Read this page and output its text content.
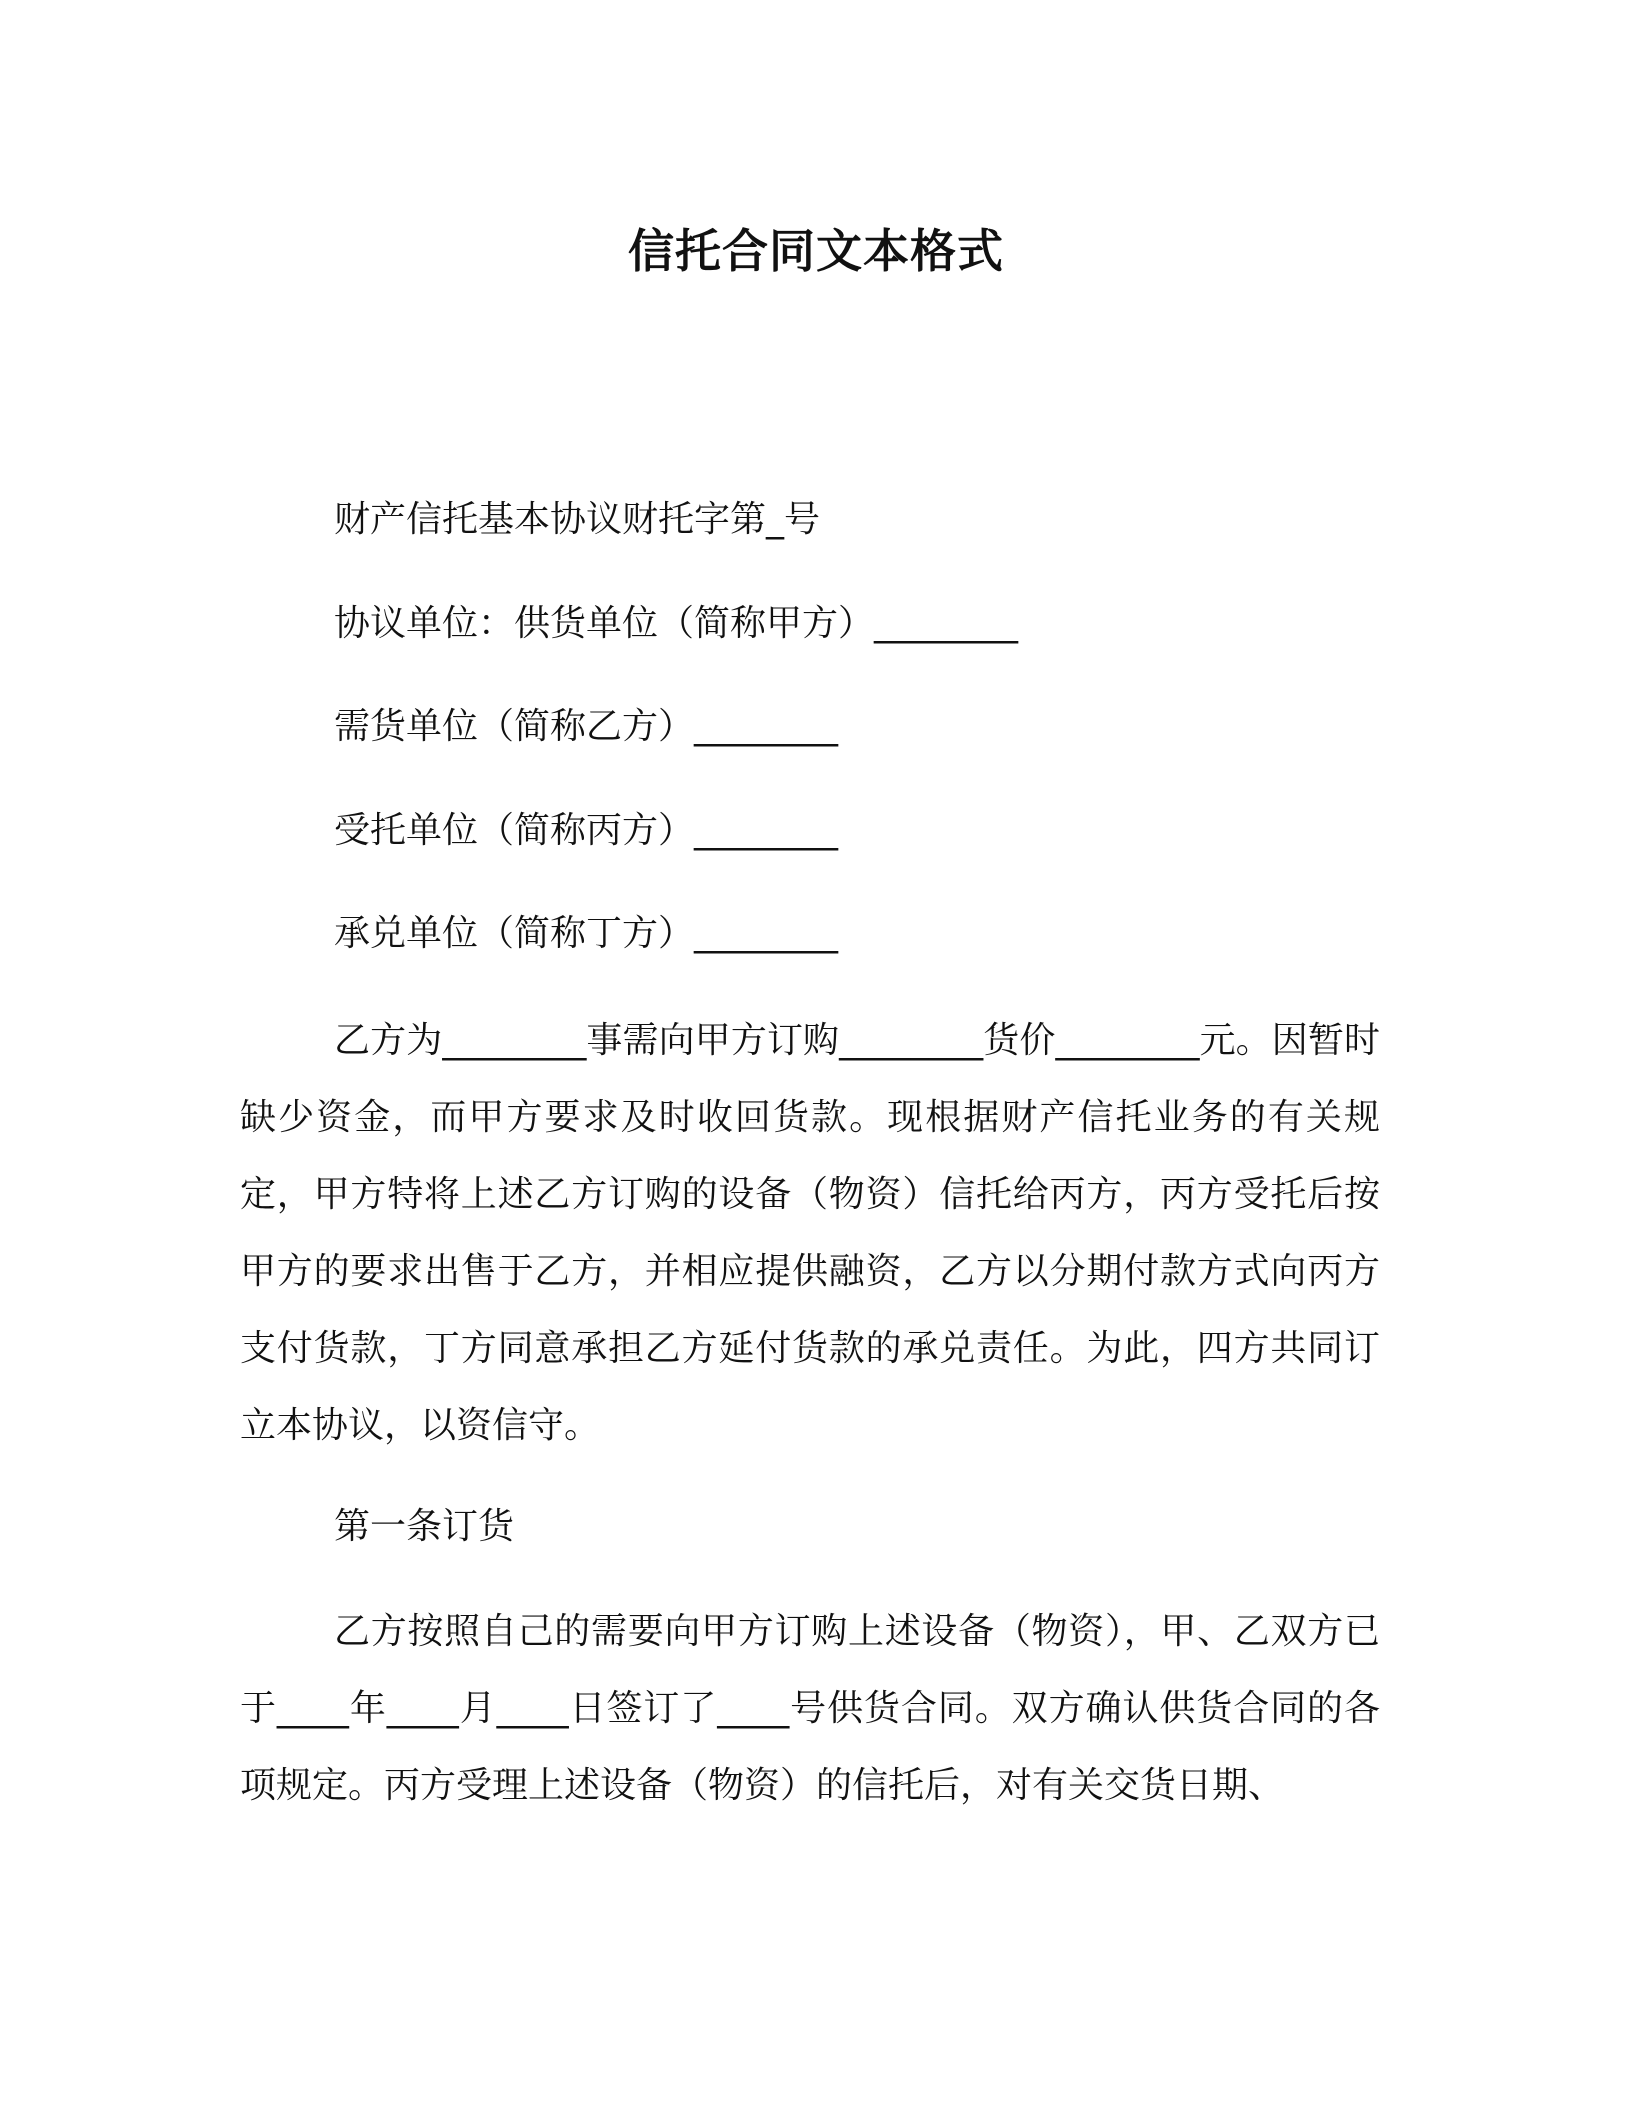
信托合同文本格式
财产信托基本协议财托字第_号
协议单位：供货单位（简称甲方）________
需货单位（简称乙方）________
受托单位（简称丙方）________
承兑单位（简称丁方）________
乙方为________事需向甲方订购________货价________元。因暂时缺少资金，而甲方要求及时收回货款。现根据财产信托业务的有关规定，甲方特将上述乙方订购的设备（物资）信托给丙方，丙方受托后按甲方的要求出售于乙方，并相应提供融资，乙方以分期付款方式向丙方支付货款，丁方同意承担乙方延付货款的承兑责任。为此，四方共同订立本协议，以资信守。
第一条订货
乙方按照自己的需要向甲方订购上述设备（物资），甲、乙双方已于____年____月____日签订了____号供货合同。双方确认供货合同的各项规定。丙方受理上述设备（物资）的信托后，对有关交货日期、
